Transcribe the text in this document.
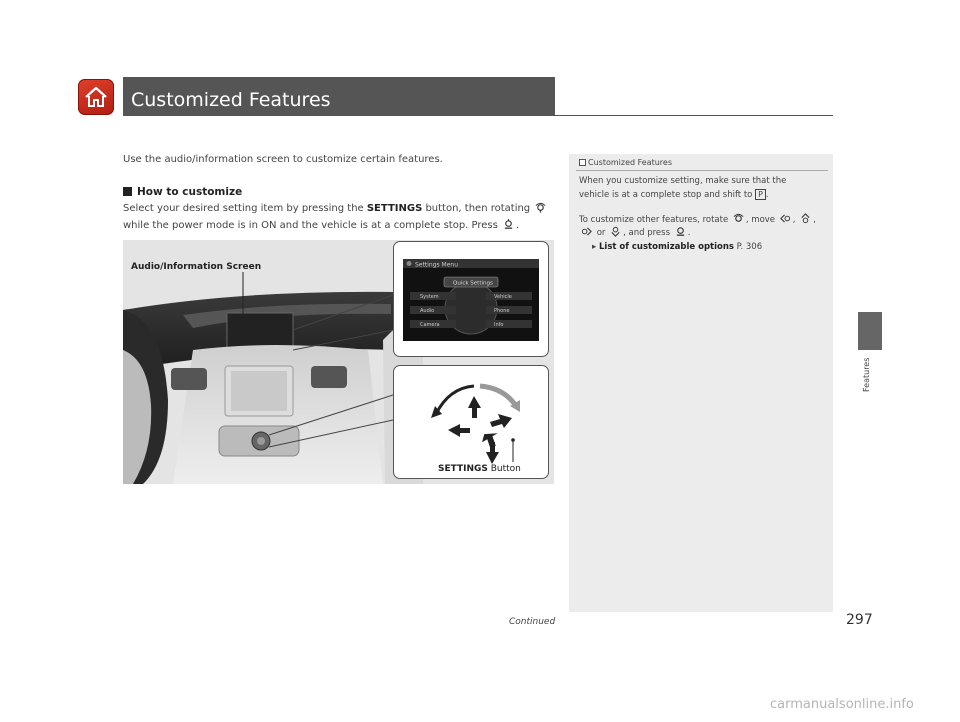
Customized Features
Features
Use the audio/information screen to customize certain features.
How to customize
Select your desired setting item by pressing the SETTINGS button, then rotating
while the power mode is in ON and the vehicle is at a complete stop. Press .
Audio/Information Screen	Settings Menu
Quick Settings
System
Audio
Camera
Vehicle
Phone
Info
SETTINGS Button
Customized Features
When you customize setting, make sure that the
vehicle is at a complete stop and shift to P .
To customize other features, rotate , move , ,
or , and press .
▸ List of customizable options P. 306
Continued	297
carmanualsonline.info
